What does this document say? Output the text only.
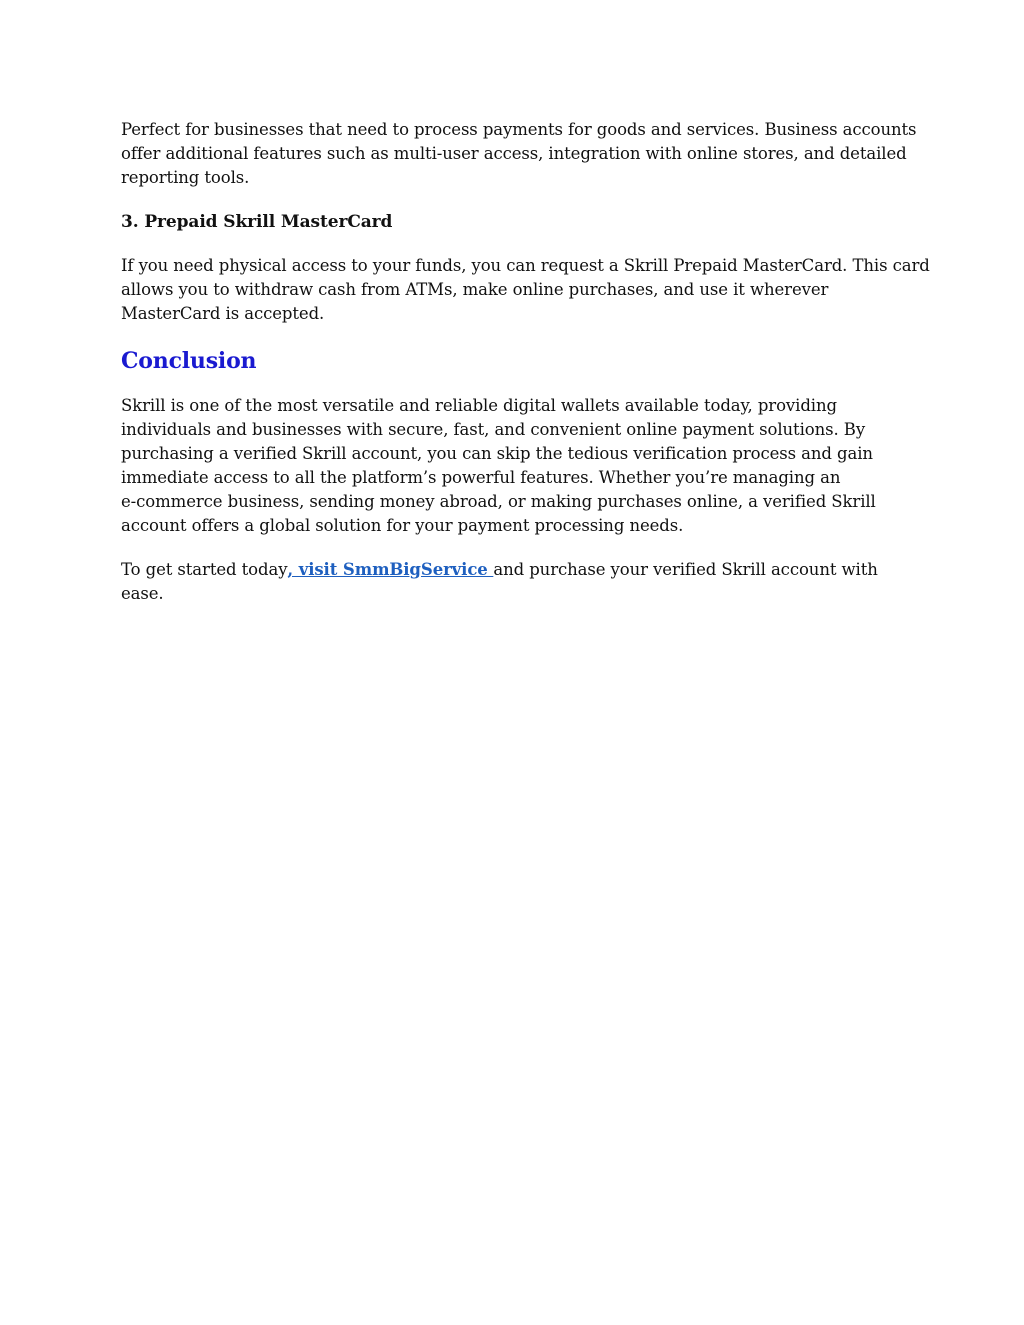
Perfect for businesses that need to process payments for goods and services. Business accounts
offer additional features such as multi-user access, integration with online stores, and detailed
reporting tools.

3. Prepaid Skrill MasterCard

If you need physical access to your funds, you can request a Skrill Prepaid MasterCard. This card
allows you to withdraw cash from ATMs, make online purchases, and use it wherever
MasterCard is accepted.

Conclusion

Skrill is one of the most versatile and reliable digital wallets available today, providing
individuals and businesses with secure, fast, and convenient online payment solutions. By
purchasing a verified Skrill account, you can skip the tedious verification process and gain
immediate access to all the platform’s powerful features. Whether you’re managing an
e-commerce business, sending money abroad, or making purchases online, a verified Skrill
account offers a global solution for your payment processing needs.

To get started today, visit SmmBigService and purchase your verified Skrill account with
ease.
